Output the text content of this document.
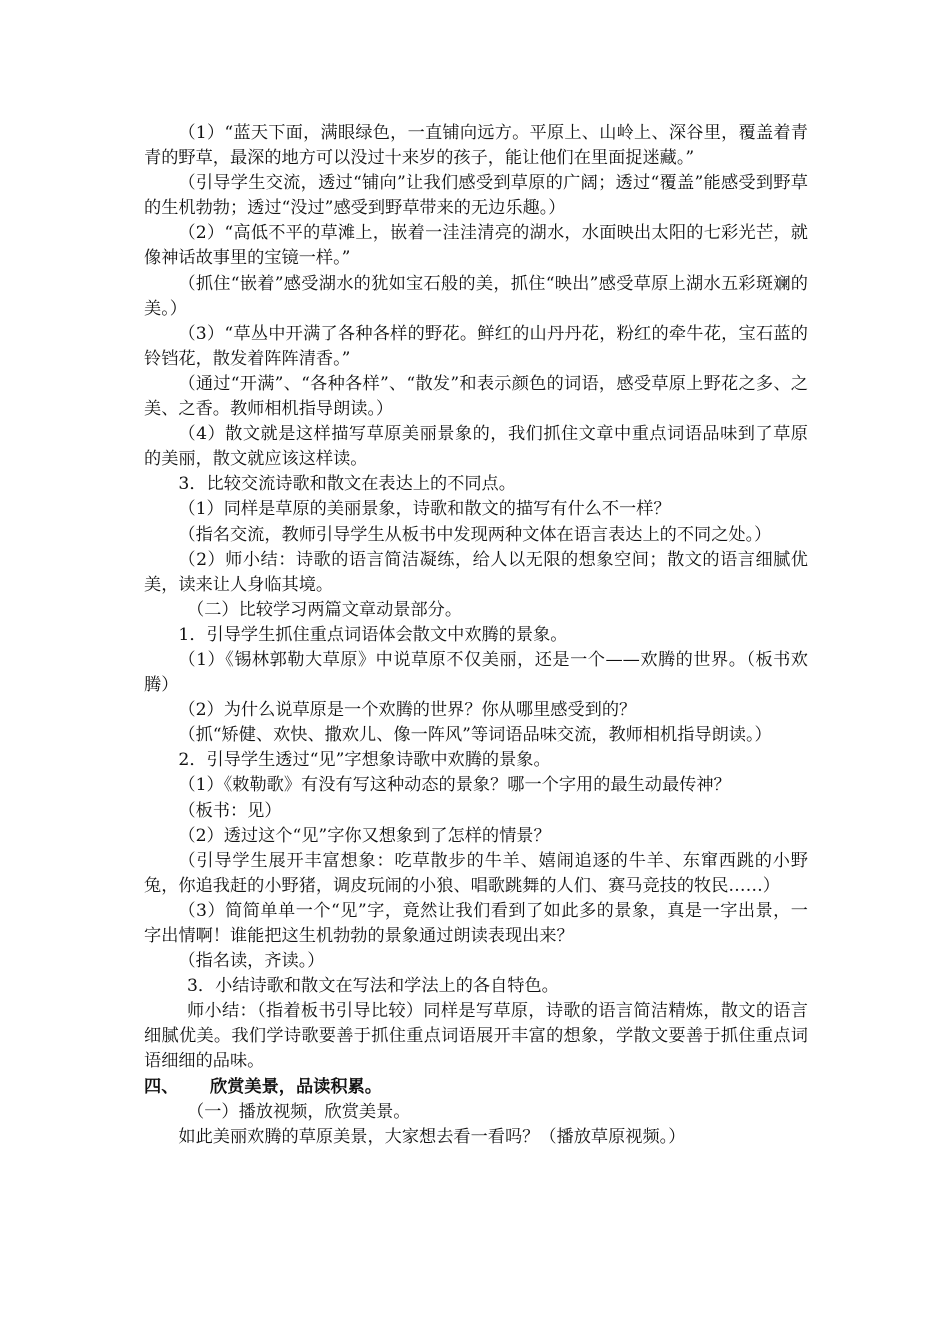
（1）“蓝天下面，满眼绿色，一直铺向远方。平原上、山岭上、深谷里，覆盖着青青的野草，最深的地方可以没过十来岁的孩子，能让他们在里面捉迷藏。”

（引导学生交流，透过“铺向”让我们感受到草原的广阔；透过“覆盖”能感受到野草的生机勃勃；透过“没过”感受到野草带来的无边乐趣。）

（2）“高低不平的草滩上，嵌着一洼洼清亮的湖水，水面映出太阳的七彩光芒，就像神话故事里的宝镜一样。”

（抓住“嵌着”感受湖水的犹如宝石般的美，抓住“映出”感受草原上湖水五彩斑斓的美。）

（3）“草丛中开满了各种各样的野花。鲜红的山丹丹花，粉红的牵牛花，宝石蓝的铃铛花，散发着阵阵清香。”

（通过“开满”、“各种各样”、“散发”和表示颜色的词语，感受草原上野花之多、之美、之香。教师相机指导朗读。）

（4）散文就是这样描写草原美丽景象的，我们抓住文章中重点词语品味到了草原的美丽，散文就应该这样读。

3．比较交流诗歌和散文在表达上的不同点。

（1）同样是草原的美丽景象，诗歌和散文的描写有什么不一样？

（指名交流，教师引导学生从板书中发现两种文体在语言表达上的不同之处。）

（2）师小结：诗歌的语言简洁凝练，给人以无限的想象空间；散文的语言细腻优美，读来让人身临其境。

（二）比较学习两篇文章动景部分。

1．引导学生抓住重点词语体会散文中欢腾的景象。

（1）《锡林郭勒大草原》中说草原不仅美丽，还是一个——欢腾的世界。（板书欢腾）

（2）为什么说草原是一个欢腾的世界？你从哪里感受到的？

（抓“矫健、欢快、撒欢儿、像一阵风”等词语品味交流，教师相机指导朗读。）

2．引导学生透过“见”字想象诗歌中欢腾的景象。

（1）《敕勒歌》有没有写这种动态的景象？哪一个字用的最生动最传神？

（板书：见）

（2）透过这个“见”字你又想象到了怎样的情景？

（引导学生展开丰富想象：吃草散步的牛羊、嬉闹追逐的牛羊、东窜西跳的小野兔，你追我赶的小野猪，调皮玩闹的小狼、唱歌跳舞的人们、赛马竞技的牧民……）

（3）简简单单一个“见”字，竟然让我们看到了如此多的景象，真是一字出景，一字出情啊！谁能把这生机勃勃的景象通过朗读表现出来？

（指名读，齐读。）

3．小结诗歌和散文在写法和学法上的各自特色。

师小结：（指着板书引导比较）同样是写草原，诗歌的语言简洁精炼，散文的语言细腻优美。我们学诗歌要善于抓住重点词语展开丰富的想象，学散文要善于抓住重点词语细细的品味。

四、 欣赏美景，品读积累。

（一）播放视频，欣赏美景。

如此美丽欢腾的草原美景，大家想去看一看吗？（播放草原视频。）
